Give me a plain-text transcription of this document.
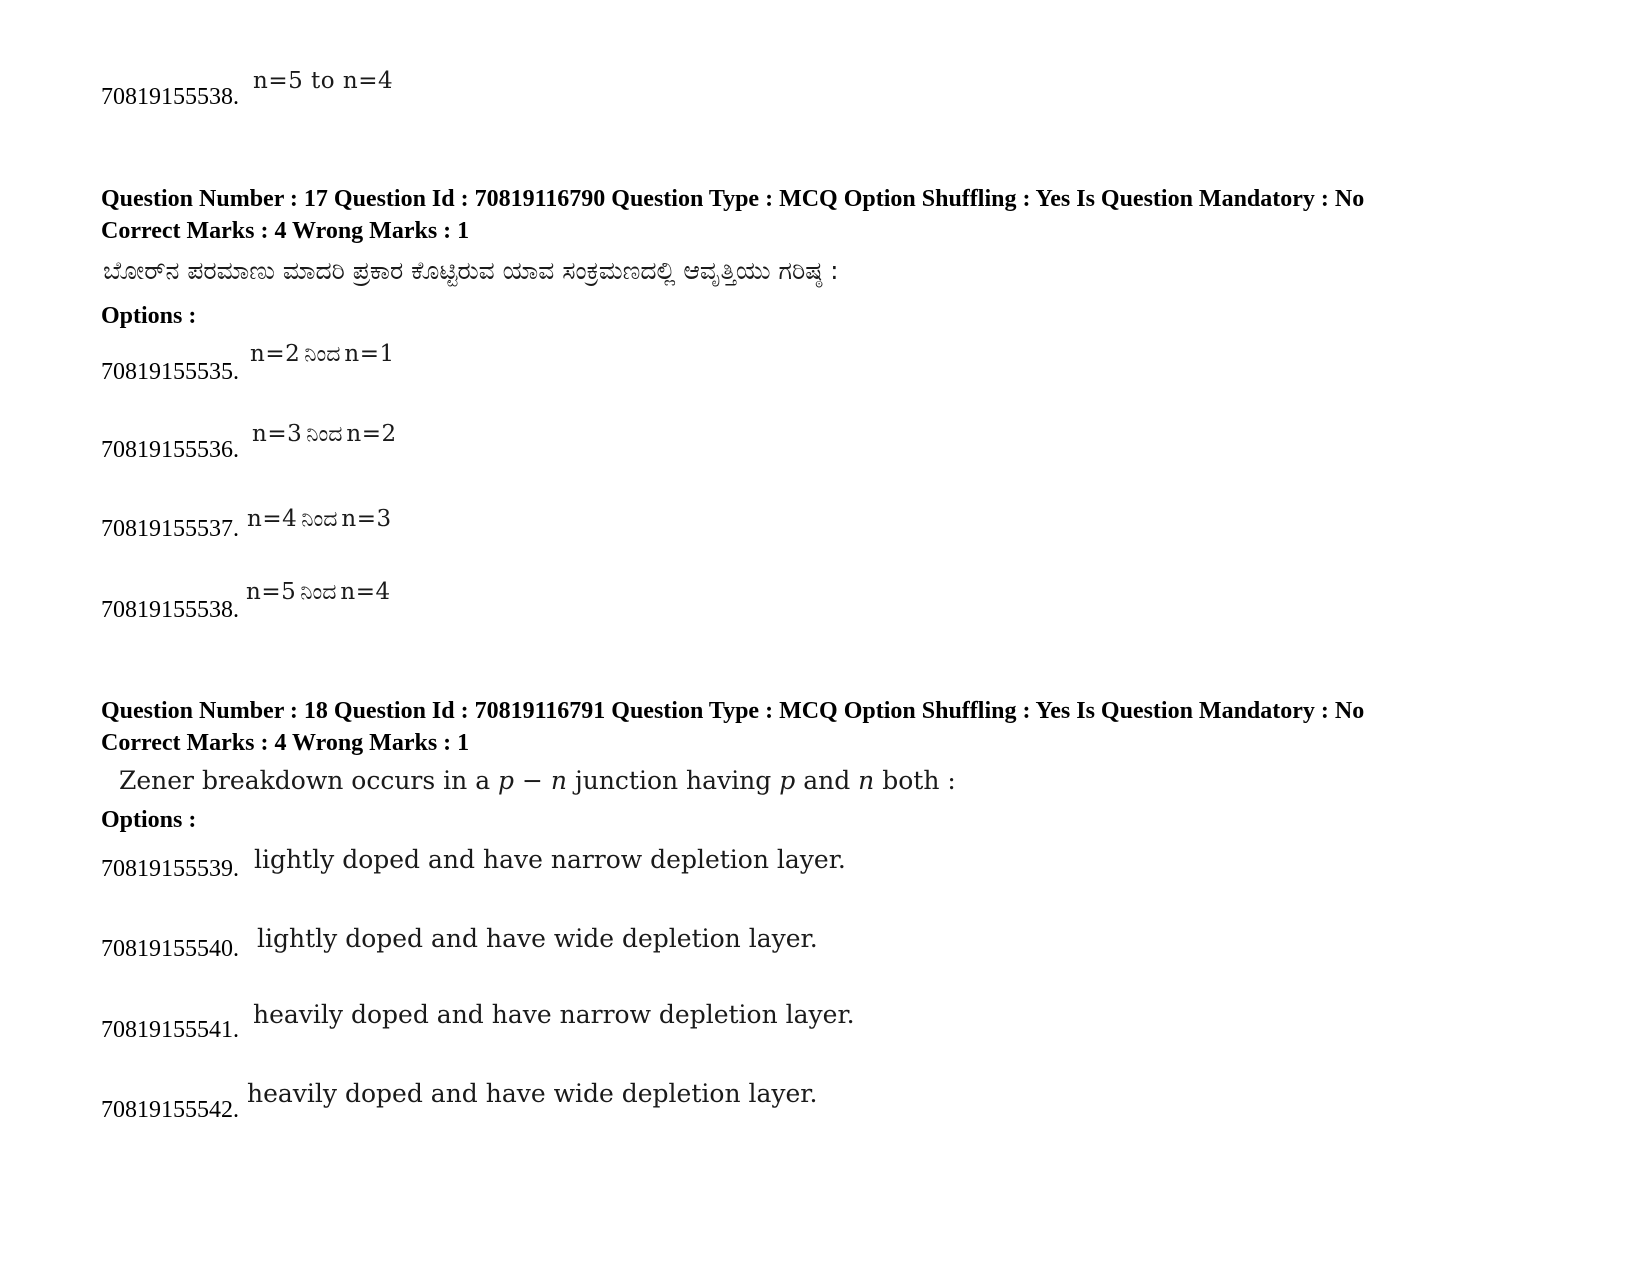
70819155538.
n=5 to n=4
Question Number : 17 Question Id : 70819116790 Question Type : MCQ Option Shuffling : Yes Is Question Mandatory : No
Correct Marks : 4 Wrong Marks : 1
ಬೋರ್‌ನ ಪರಮಾಣು ಮಾದರಿ ಪ್ರಕಾರ ಕೊಟ್ಟಿರುವ ಯಾವ ಸಂಕ್ರಮಣದಲ್ಲಿ ಆವೃತ್ತಿಯು ಗರಿಷ್ಠ :
Options :
70819155535.
n=2 ನಿಂದ n=1
70819155536.
n=3 ನಿಂದ n=2
70819155537. n=4 ನಿಂದ n=3
70819155538.
n=5 ನಿಂದ n=4
Question Number : 18 Question Id : 70819116791 Question Type : MCQ Option Shuffling : Yes Is Question Mandatory : No
Correct Marks : 4 Wrong Marks : 1
Zener breakdown occurs in a p − n junction having p and n both :
Options :
70819155539. lightly doped and have narrow depletion layer.
70819155540. lightly doped and have wide depletion layer.
70819155541.
heavily doped and have narrow depletion layer.
70819155542.
heavily doped and have wide depletion layer.
